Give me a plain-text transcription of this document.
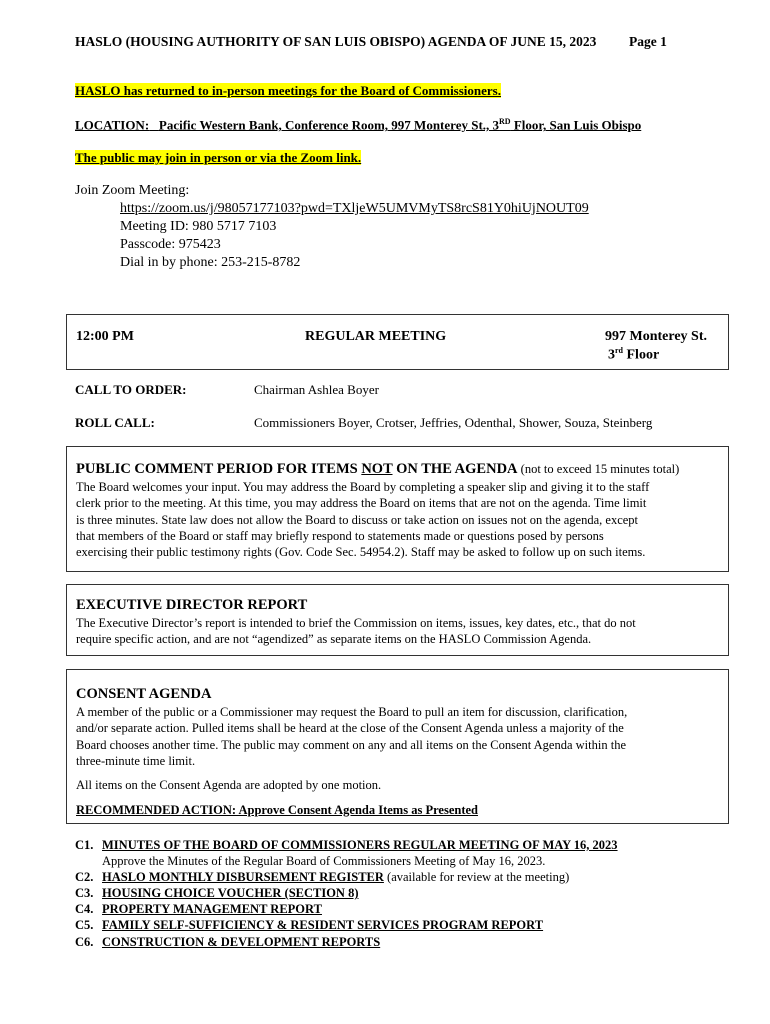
HASLO (HOUSING AUTHORITY OF SAN LUIS OBISPO) AGENDA OF JUNE 15, 2023 Page 1
HASLO has returned to in-person meetings for the Board of Commissioners.
LOCATION: Pacific Western Bank, Conference Room, 997 Monterey St., 3RD Floor, San Luis Obispo
The public may join in person or via the Zoom link.
Join Zoom Meeting:
https://zoom.us/j/98057177103?pwd=TXljeW5UMVMyTS8rcS81Y0hiUjNOUT09
Meeting ID: 980 5717 7103
Passcode: 975423
Dial in by phone: 253-215-8782
12:00 PM	REGULAR MEETING	997 Monterey St.
3rd Floor
CALL TO ORDER:	Chairman Ashlea Boyer
ROLL CALL:	Commissioners Boyer, Crotser, Jeffries, Odenthal, Shower, Souza, Steinberg
PUBLIC COMMENT PERIOD FOR ITEMS NOT ON THE AGENDA (not to exceed 15 minutes total)
The Board welcomes your input. You may address the Board by completing a speaker slip and giving it to the staff
clerk prior to the meeting. At this time, you may address the Board on items that are not on the agenda. Time limit
is three minutes. State law does not allow the Board to discuss or take action on issues not on the agenda, except
that members of the Board or staff may briefly respond to statements made or questions posed by persons
exercising their public testimony rights (Gov. Code Sec. 54954.2). Staff may be asked to follow up on such items.
EXECUTIVE DIRECTOR REPORT
The Executive Director’s report is intended to brief the Commission on items, issues, key dates, etc., that do not
require specific action, and are not “agendized” as separate items on the HASLO Commission Agenda.
CONSENT AGENDA
A member of the public or a Commissioner may request the Board to pull an item for discussion, clarification,
and/or separate action. Pulled items shall be heard at the close of the Consent Agenda unless a majority of the
Board chooses another time. The public may comment on any and all items on the Consent Agenda within the
three-minute time limit.
All items on the Consent Agenda are adopted by one motion.
RECOMMENDED ACTION: Approve Consent Agenda Items as Presented
C1. MINUTES OF THE BOARD OF COMMISSIONERS REGULAR MEETING OF MAY 16, 2023
Approve the Minutes of the Regular Board of Commissioners Meeting of May 16, 2023.
C2. HASLO MONTHLY DISBURSEMENT REGISTER (available for review at the meeting)
C3. HOUSING CHOICE VOUCHER (SECTION 8)
C4. PROPERTY MANAGEMENT REPORT
C5. FAMILY SELF-SUFFICIENCY & RESIDENT SERVICES PROGRAM REPORT
C6. CONSTRUCTION & DEVELOPMENT REPORTS
